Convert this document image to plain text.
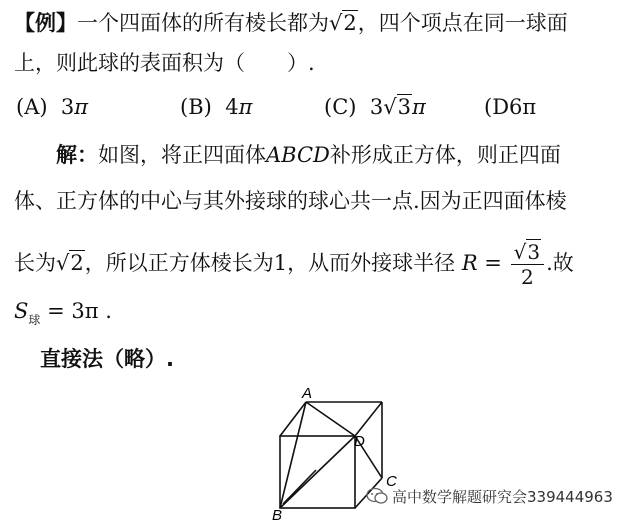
【例】一个四面体的所有棱长都为√2，四个项点在同一球面
上，则此球的表面积为（　　）.
(A) 3π	(B) 4π	(C) 3√3π	(D6π
解：如图，将正四面体ABCD补形成正方体，则正四面
体、正方体的中心与其外接球的球心共一点.因为正四面体棱
长为√2，所以正方体棱长为1，从而外接球半径 $R = \frac{√3}{2}$ .故
$S_球 = 3\pi$ .
直接法（略）.
A
D
C
B
高中数学解题研究会339444963
